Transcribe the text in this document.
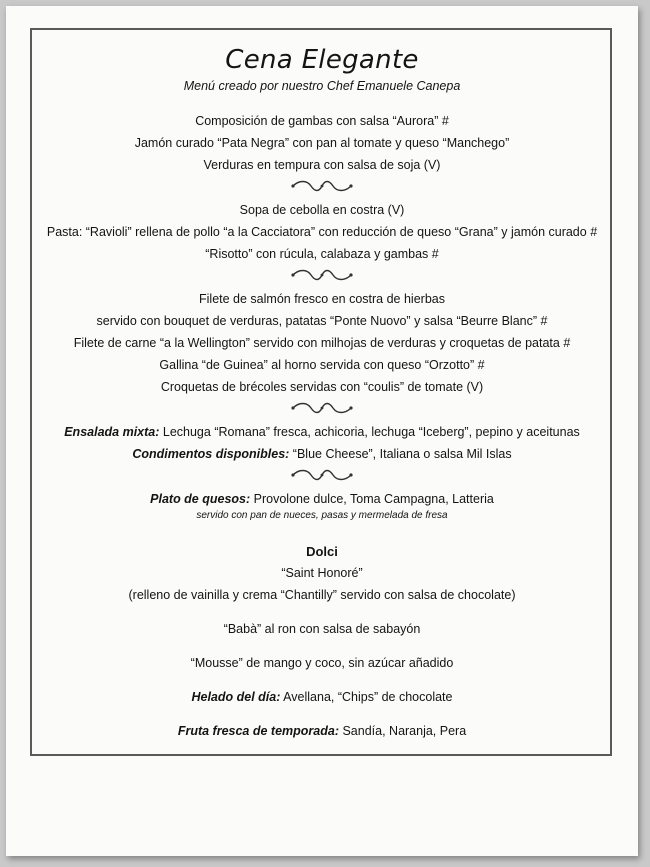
Cena Elegante
Menú creado por nuestro Chef Emanuele Canepa
Composición de gambas con salsa “Aurora” #
Jamón curado “Pata Negra” con pan al tomate y queso “Manchego”
Verduras en tempura con salsa de soja (V)
Sopa de cebolla en costra (V)
Pasta: “Ravioli” rellena de pollo “a la Cacciatora” con reducción de queso “Grana” y jamón curado #
“Risotto” con rúcula, calabaza y gambas #
Filete de salmón fresco en costra de hierbas
servido con bouquet de verduras, patatas “Ponte Nuovo” y salsa “Beurre Blanc” #
Filete de carne “a la Wellington” servido con milhojas de verduras y croquetas de patata #
Gallina “de Guinea” al horno servida con queso “Orzotto” #
Croquetas de brécoles servidas con “coulis” de tomate (V)
Ensalada mixta: Lechuga “Romana” fresca, achicoria, lechuga “Iceberg”, pepino y aceitunas
Condimentos disponibles: “Blue Cheese”, Italiana o salsa Mil Islas
Plato de quesos: Provolone dulce, Toma Campagna, Latteria
servido con pan de nueces, pasas y mermelada de fresa
Dolci
“Saint Honoré”
(relleno de vainilla y crema “Chantilly” servido con salsa de chocolate)
“Babà” al ron con salsa de sabayón
“Mousse” de mango y coco, sin azúcar añadido
Helado del día: Avellana, “Chips” de chocolate
Fruta fresca de temporada: Sandía, Naranja, Pera
